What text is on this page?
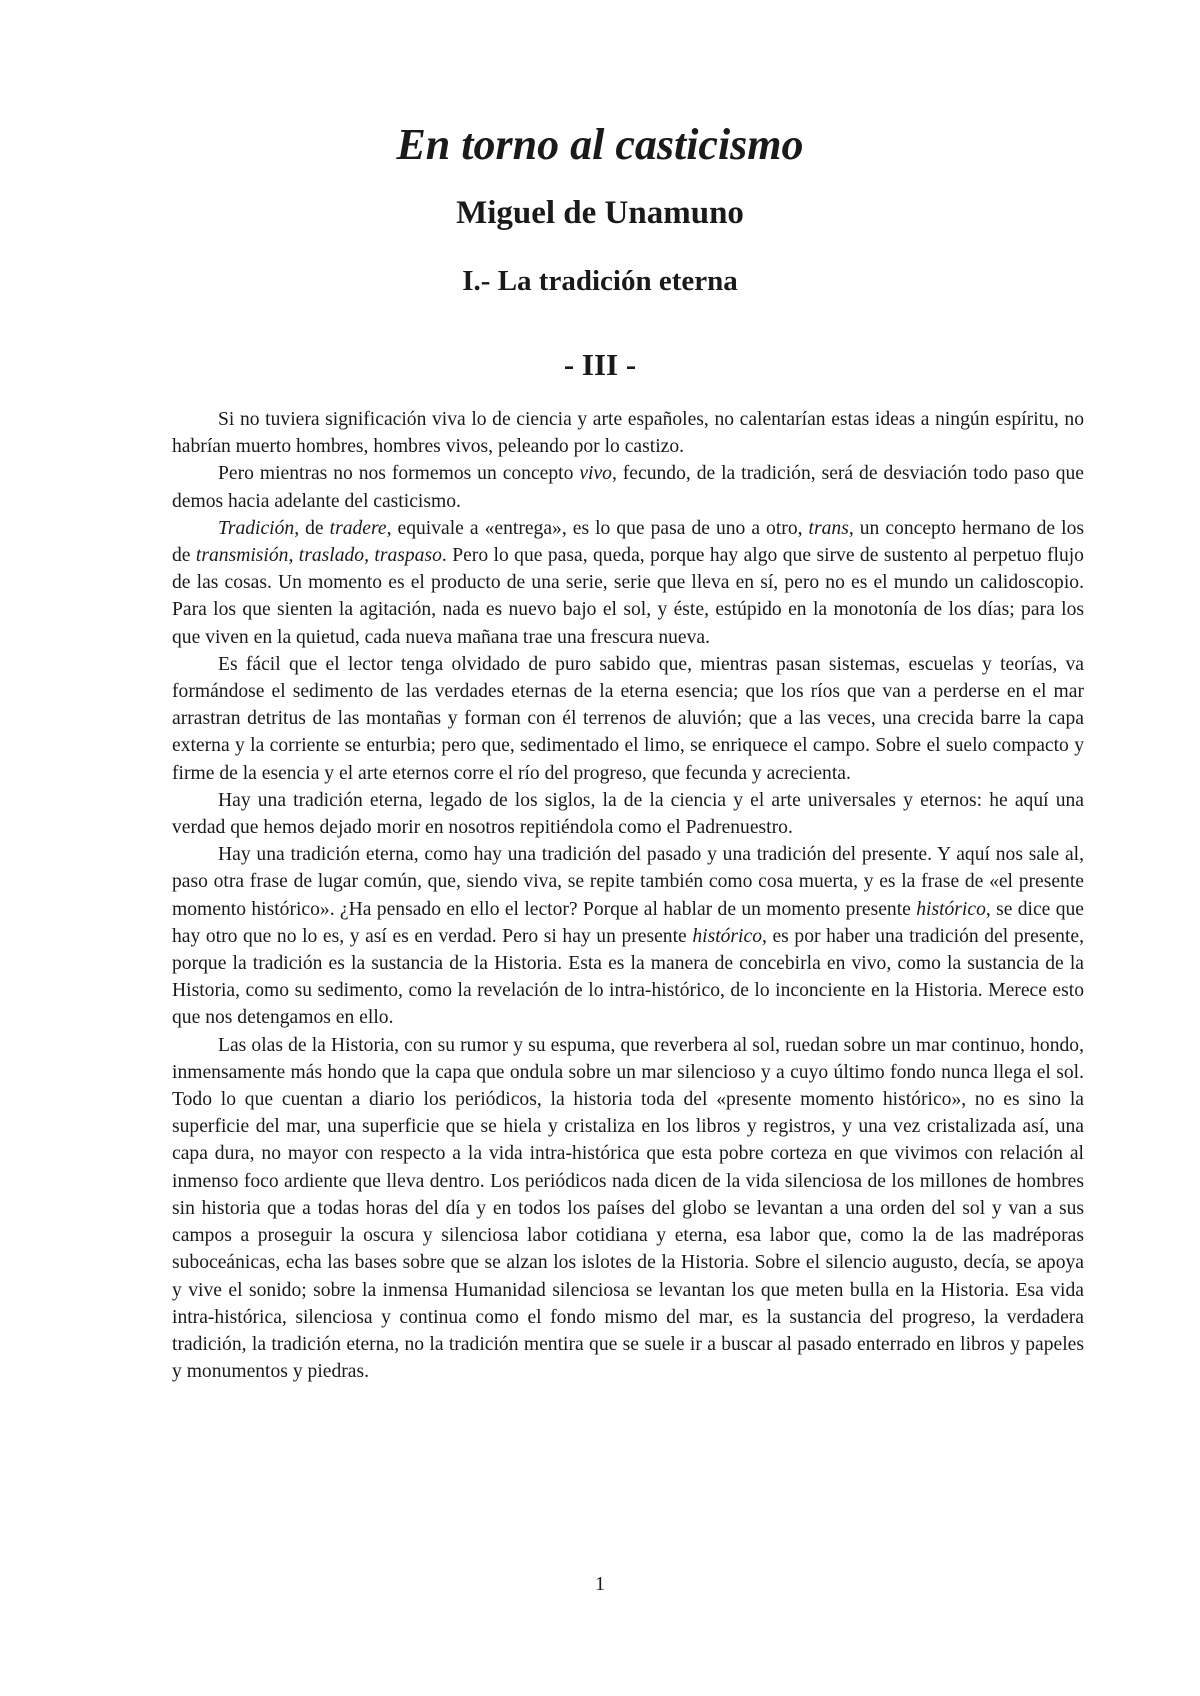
En torno al casticismo
Miguel de Unamuno
I.- La tradición eterna
- III -

Si no tuviera significación viva lo de ciencia y arte españoles, no calentarían estas ideas a ningún espíritu, no habrían muerto hombres, hombres vivos, peleando por lo castizo.

Pero mientras no nos formemos un concepto vivo, fecundo, de la tradición, será de desviación todo paso que demos hacia adelante del casticismo.

Tradición, de tradere, equivale a «entrega», es lo que pasa de uno a otro, trans, un concepto hermano de los de transmisión, traslado, traspaso. Pero lo que pasa, queda, porque hay algo que sirve de sustento al perpetuo flujo de las cosas. Un momento es el producto de una serie, serie que lleva en sí, pero no es el mundo un calidoscopio. Para los que sienten la agitación, nada es nuevo bajo el sol, y éste, estúpido en la monotonía de los días; para los que viven en la quietud, cada nueva mañana trae una frescura nueva.

Es fácil que el lector tenga olvidado de puro sabido que, mientras pasan sistemas, escuelas y teorías, va formándose el sedimento de las verdades eternas de la eterna esencia; que los ríos que van a perderse en el mar arrastran detritus de las montañas y forman con él terrenos de aluvión; que a las veces, una crecida barre la capa externa y la corriente se enturbia; pero que, sedimentado el limo, se enriquece el campo. Sobre el suelo compacto y firme de la esencia y el arte eternos corre el río del progreso, que fecunda y acrecienta.

Hay una tradición eterna, legado de los siglos, la de la ciencia y el arte universales y eternos: he aquí una verdad que hemos dejado morir en nosotros repitiéndola como el Padrenuestro.

Hay una tradición eterna, como hay una tradición del pasado y una tradición del presente. Y aquí nos sale al, paso otra frase de lugar común, que, siendo viva, se repite también como cosa muerta, y es la frase de «el presente momento histórico». ¿Ha pensado en ello el lector? Porque al hablar de un momento presente histórico, se dice que hay otro que no lo es, y así es en verdad. Pero si hay un presente histórico, es por haber una tradición del presente, porque la tradición es la sustancia de la Historia. Esta es la manera de concebirla en vivo, como la sustancia de la Historia, como su sedimento, como la revelación de lo intra-histórico, de lo inconciente en la Historia. Merece esto que nos detengamos en ello.

Las olas de la Historia, con su rumor y su espuma, que reverbera al sol, ruedan sobre un mar continuo, hondo, inmensamente más hondo que la capa que ondula sobre un mar silencioso y a cuyo último fondo nunca llega el sol. Todo lo que cuentan a diario los periódicos, la historia toda del «presente momento histórico», no es sino la superficie del mar, una superficie que se hiela y cristaliza en los libros y registros, y una vez cristalizada así, una capa dura, no mayor con respecto a la vida intra-histórica que esta pobre corteza en que vivimos con relación al inmenso foco ardiente que lleva dentro. Los periódicos nada dicen de la vida silenciosa de los millones de hombres sin historia que a todas horas del día y en todos los países del globo se levantan a una orden del sol y van a sus campos a proseguir la oscura y silenciosa labor cotidiana y eterna, esa labor que, como la de las madréporas suboceánicas, echa las bases sobre que se alzan los islotes de la Historia. Sobre el silencio augusto, decía, se apoya y vive el sonido; sobre la inmensa Humanidad silenciosa se levantan los que meten bulla en la Historia. Esa vida intra-histórica, silenciosa y continua como el fondo mismo del mar, es la sustancia del progreso, la verdadera tradición, la tradición eterna, no la tradición mentira que se suele ir a buscar al pasado enterrado en libros y papeles y monumentos y piedras.

1
